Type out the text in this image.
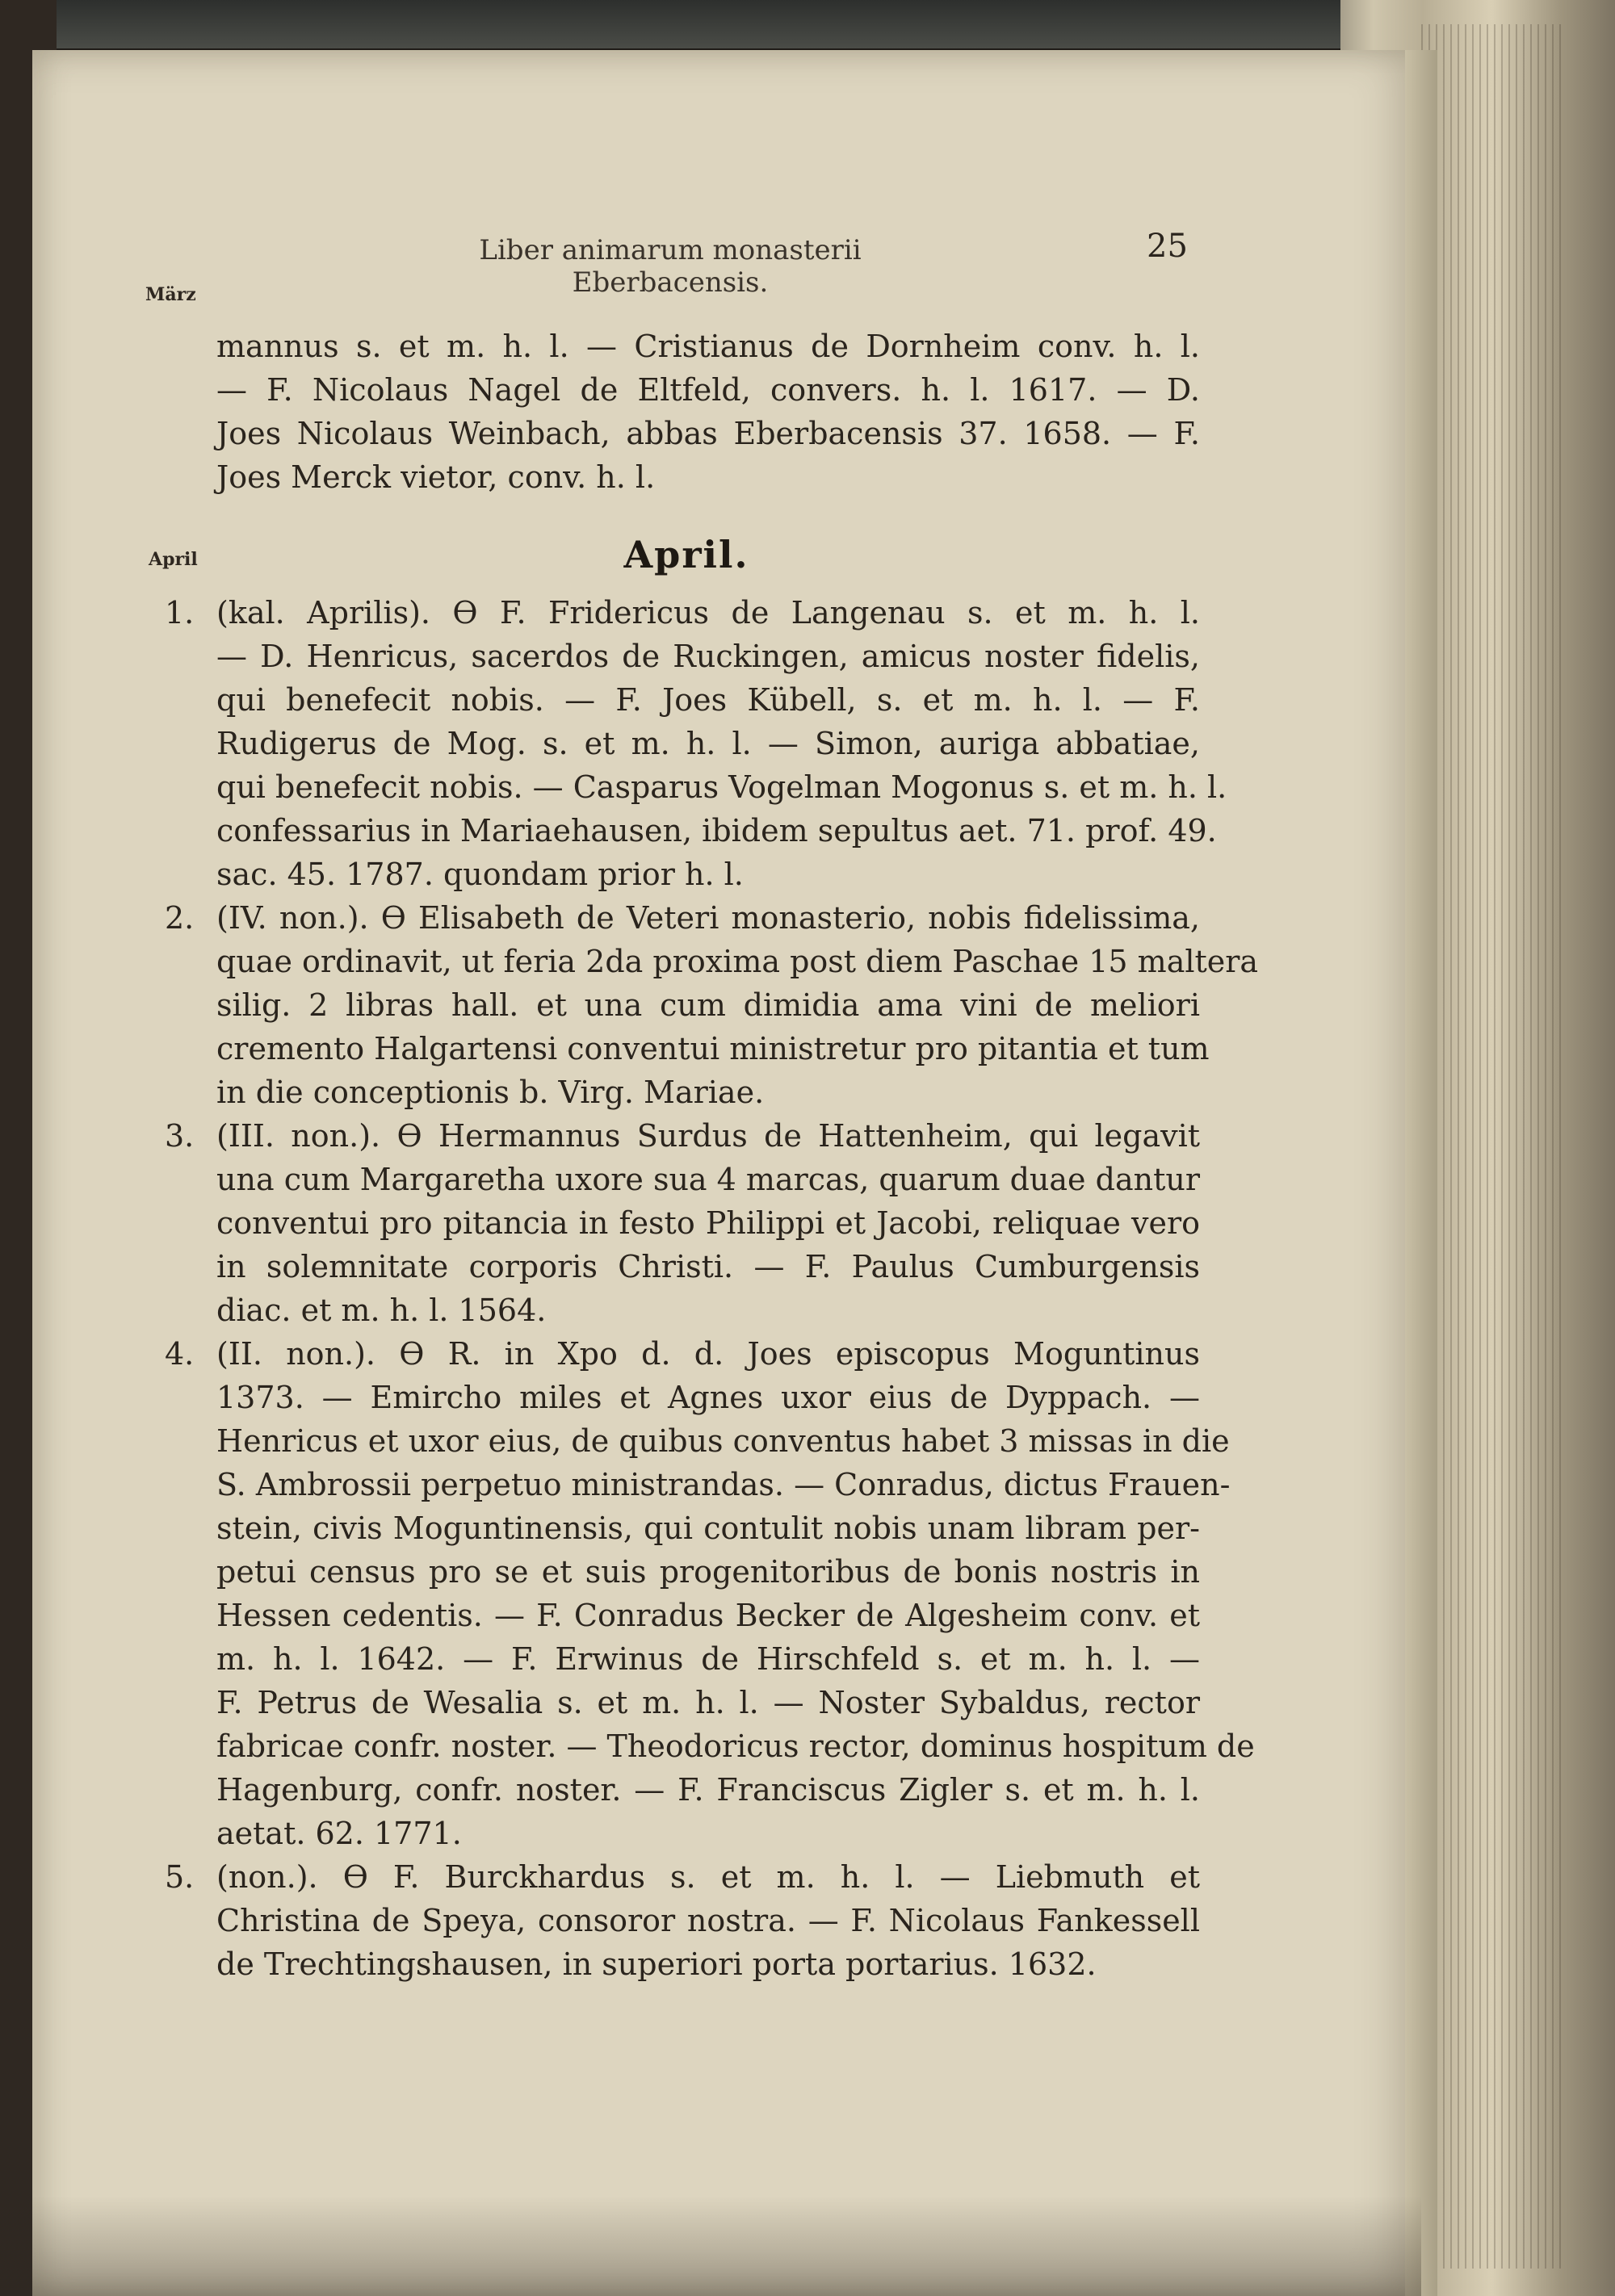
Liber animarum monasterii Eberbacensis.
25
März
April	April.
mannus s. et m. h. l. — Cristianus de Dornheim conv. h. l.
— F. Nicolaus Nagel de Eltfeld, convers. h. l. 1617. — D.
Joes Nicolaus Weinbach, abbas Eberbacensis 37. 1658. — F.
Joes Merck vietor, conv. h. l.
1. (kal. Aprilis). ϴ F. Fridericus de Langenau s. et m. h. l.
— D. Henricus, sacerdos de Ruckingen, amicus noster fidelis,
qui benefecit nobis. — F. Joes Kübell, s. et m. h. l. — F.
Rudigerus de Mog. s. et m. h. l. — Simon, auriga abbatiae,
qui benefecit nobis. — Casparus Vogelman Mogonus s. et m. h. l.
confessarius in Mariaehausen, ibidem sepultus aet. 71. prof. 49.
sac. 45. 1787. quondam prior h. l.
2. (IV. non.). ϴ Elisabeth de Veteri monasterio, nobis fidelissima,
quae ordinavit, ut feria 2da proxima post diem Paschae 15 maltera
silig. 2 libras hall. et una cum dimidia ama vini de meliori
cremento Halgartensi conventui ministretur pro pitantia et tum
in die conceptionis b. Virg. Mariae.
3. (III. non.). ϴ Hermannus Surdus de Hattenheim, qui legavit
una cum Margaretha uxore sua 4 marcas, quarum duae dantur
conventui pro pitancia in festo Philippi et Jacobi, reliquae vero
in solemnitate corporis Christi. — F. Paulus Cumburgensis
diac. et m. h. l. 1564.
4. (II. non.). ϴ R. in Xpo d. d. Joes episcopus Moguntinus
1373. — Emircho miles et Agnes uxor eius de Dyppach. —
Henricus et uxor eius, de quibus conventus habet 3 missas in die
S. Ambrossii perpetuo ministrandas. — Conradus, dictus Frauen-
stein, civis Moguntinensis, qui contulit nobis unam libram per-
petui census pro se et suis progenitoribus de bonis nostris in
Hessen cedentis. — F. Conradus Becker de Algesheim conv. et
m. h. l. 1642. — F. Erwinus de Hirschfeld s. et m. h. l. —
F. Petrus de Wesalia s. et m. h. l. — Noster Sybaldus, rector
fabricae confr. noster. — Theodoricus rector, dominus hospitum de
Hagenburg, confr. noster. — F. Franciscus Zigler s. et m. h. l.
aetat. 62. 1771.
5. (non.). ϴ F. Burckhardus s. et m. h. l. — Liebmuth et
Christina de Speya, consoror nostra. — F. Nicolaus Fankessell
de Trechtingshausen, in superiori porta portarius. 1632.
